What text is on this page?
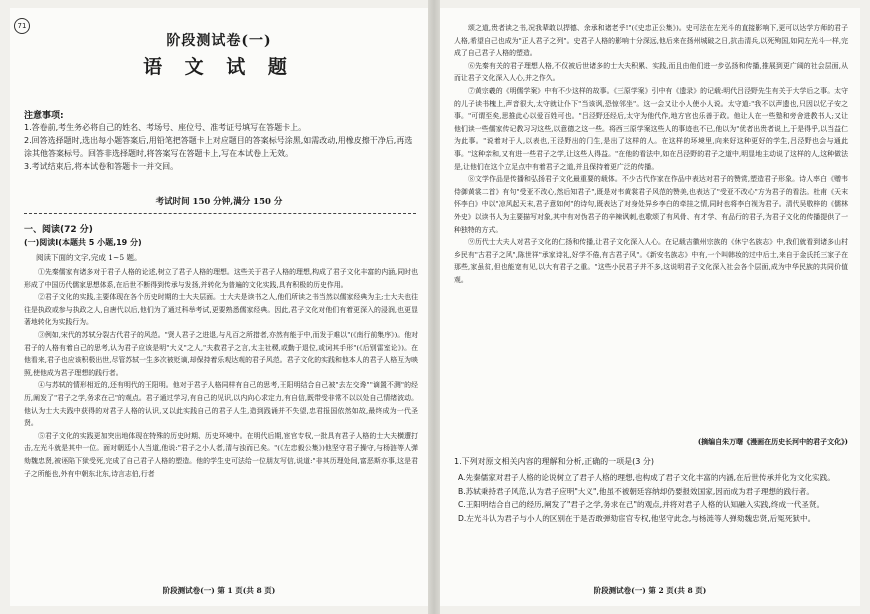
71
阶段测试卷(一)
语 文 试 题
注意事项:

1.答卷前,考生务必将自己的姓名、考场号、座位号、准考证号填写在答题卡上。

2.回答选择题时,选出每小题答案后,用铅笔把答题卡上对应题目的答案标号涂黑,如需改动,用橡皮擦干净后,再选涂其他答案标号。回答非选择题时,将答案写在答题卡上,写在本试卷上无效。

3.考试结束后,将本试卷和答题卡一并交回。

考试时间 150 分钟,满分 150 分
一、阅读(72 分)
(一)阅读Ⅰ(本题共 5 小题,19 分)
阅读下面的文字,完成 1~5 题。

①先秦儒家有诸多对于君子人格的论述,树立了君子人格的理想。这些关于君子人格的理想,构成了君子文化丰富的内涵,同时也形成了中国历代儒家思想体系,在后世不断得到传承与发扬,并转化为普遍的文化实践,具有积极的历史作用。

②君子文化的实践,主要体现在各个历史时期的士大夫层面。士大夫是读书之人,他们所读之书当然以儒家经典为主;士大夫也往往是执政或参与执政之人,自唐代以后,他们为了通过科举考试,更要熟悉儒家经典。因此,君子文化对他们有着更深入的浸润,也更显著地转化为实践行为。

③例如,宋代的苏轼分裂古代君子的风范。"贤人君子之进退,与凡百之所措者,亦然有能于中,而发于难以"(《南行前集序》)。他对君子的人格有着自己的思考,认为君子应该是明"大义"之人,"夫救君子之言,太主社稷,或勤于退位,或词其手形"(《后别雷室论》)。在他看来,君子也应该积极出世,尽管苏轼一生多次被贬谪,却保持着乐观达观的君子风范。君子文化的实践和他本人的君子人格互为映照,使他成为君子理想的践行者。

④与苏轼的情形相近的,还有明代的王阳明。他对于君子人格同样有自己的思考,王阳明结合自己被"去左交谗""谪置不测"的经历,阐发了"君子之学,务求在己"的观点。君子通过学习,有自己的见识,以内向心求定力,有自信,既带受非常不以以处自己情绪波动。他认为士大夫践中获得的对君子人格的认识,又以此实践自己的君子人生,造到践诵并不失望,忠君报国依然如故,最终成为一代圣贤。

⑤君子文化的实践更加突出地体现在特殊的历史时期、历史环境中。在明代后期,宦官专权,一批具有君子人格的士大夫横遭打击,左光斗就是其中一位。面对朝廷小人当道,他说:"君子之小人者,清与浊而已矣。"(《左忠毅公集》)他坚守君子操守,与杨涟等人弹劾魏忠贤,被诬陷下狱受死,完成了自己君子人格的塑造。他的学生史可法给一位朋友写信,说道:"非其历理处间,富恶斯亦事,这是君子之所能也,外有中朝东北东,诗言志伯,行者

阶段测试卷(一) 第 1 页(共 8 页)

颂之道,贵者读之书,况我辈敢以捍德、余承和诸老乎!"(《史忠正公集》)。史可法在左光斗的直接影响下,更可以达学方师的君子人格,希望自己也成为"正人君子之列"。史君子人格的影响十分深远,他后来在扬州城破之日,抗击清兵,以死殉国,如同左光斗一样,完成了自己君子人格的塑造。

⑥先秦有关的君子理想人格,不仅被后世诸多的士大夫积累、实践,而且由他们进一步弘扬和传播,推展到更广阔的社会层面,从而让君子文化深入人心,并之作久。

⑦黄宗羲的《明儒学案》中有不少这样的故事。《三原学案》引中有《遗录》的记载:明代吕泾野先生有关于大学后之事。太守的儿子读书槐上,声音很大,太守就让仆下"当该讽,恐惊邻坐"。这一会又让小人使小人说。太守道:"我不以声遗也,只因以忆子安之事。"可谓至矣,思推此心以爱百姓可也。"吕泾野还经后,太守为他代作,地方官也乐善于政。他让人在一些塾和旁舍进教书人;又让他们读一些儒家传记教习习这些,以意德之这一些。将西三原学案这些人的事迹也不已,他以为"优者出贵者说上,于是得乎,以当益仁为此事。"说着对于人,以表也,王泾野出的门生,是出了这样的人。在这样的环境里,向来好这种更好的学生,吕泾野也会与通此事。"这种亲和,又有进一些君子之学,让这些人得益。"在他的看法中,如在吕泾野的君子之道中,明显地主动说了这样的人,这种做法是,让他们在这个立足点中有着君子之道,并且保持着更广泛的传播。

⑧文学作品是传播和弘扬君子文化最重要的载体。不少古代作家在作品中表达对君子的赞赏,塑造君子形象。诗人率白《赠韦侍御黄裳二首》有句"受亚不改心,然后知君子",既是对韦黄裳君子风范的赞美,也表达了"受亚不改心"方为君子的看法。杜甫《天末怀李白》中以"凉风起天末,君子意如何"的诗句,既表达了对身处异乡李白的牵挂之情,同时也将李白视为君子。清代吴敬梓的《儒林外史》以读书人为主要描写对象,其中有对伪君子的辛辣讽刺,也歌颂了有风骨、有才学、有品行的君子,为君子文化的传播提供了一种独特的方式。

⑨历代士大夫人对君子文化的仁扬和传播,让君子文化深入人心。在记载吉徽州宗族的《休宁名族志》中,我们就看到诸多山村乡民有"古君子之风",陈世祥"承家诗礼,好学不倦,有古君子风"。《新安名族志》中有,一个叫韩妆的过中后士,来自于金氏托三家子在那些,家虽贫,但也能宽有见,以大有君子之重。"这些小民君子并不多,这说明君子文化深入社会各个层面,成为中华民族的共同价值观。

(摘编自朱万曙《漫画在历史长河中的君子文化》)
1.下列对原文相关内容的理解和分析,正确的一项是(3 分)

A.先秦儒家对君子人格的论说树立了君子人格的理想,也构成了君子文化丰富的内涵,在后世传承并化为文化实践。

B.苏轼秉持君子风范,认为君子应明"大义",他虽不被朝廷容纳却仍要报效国家,因而成为君子理想的践行者。

C.王阳明结合自己的经历,阐发了"君子之学,务求在己"的观点,并将对君子人格的认知融入实践,终成一代圣贤。

D.左光斗认为君子与小人的区别在于是否敢弹劾宦官专权,他坚守此念,与杨涟等人弹劾魏忠贤,后冤死狱中。

阶段测试卷(一) 第 2 页(共 8 页)
